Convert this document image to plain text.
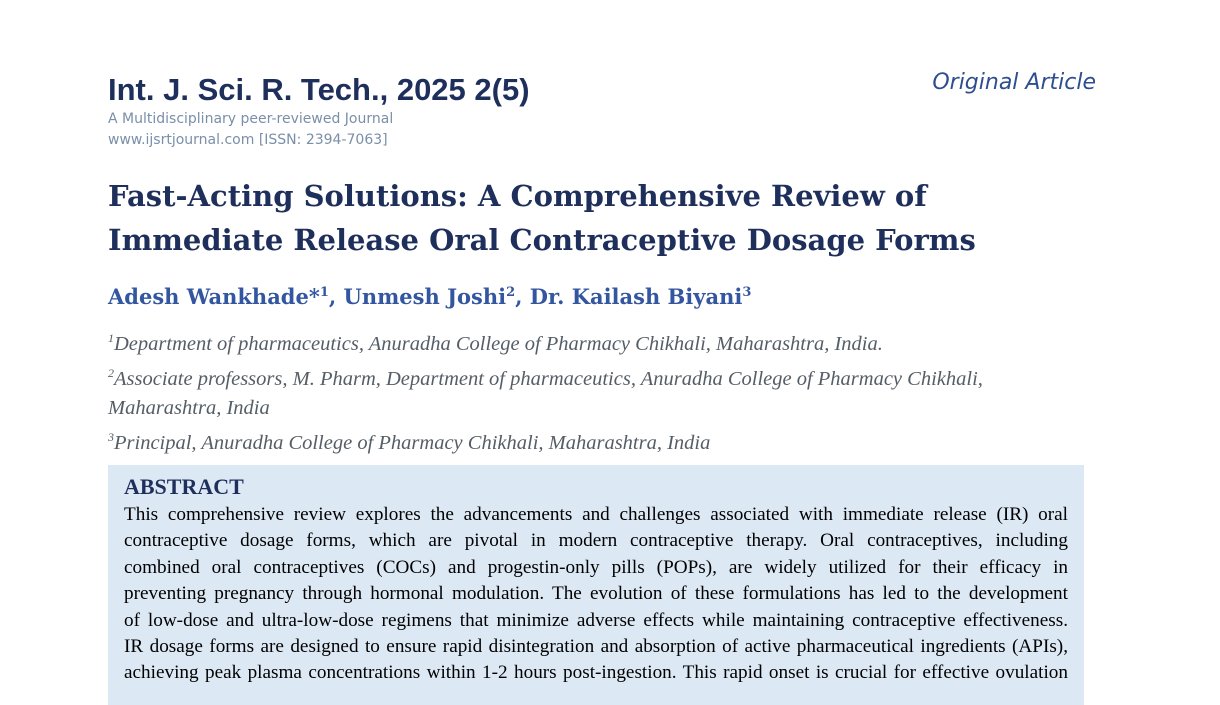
Int. J. Sci. R. Tech., 2025 2(5)	Original Article
A Multidisciplinary peer-reviewed Journal
www.ijsrtjournal.com [ISSN: 2394-7063]
Fast-Acting Solutions: A Comprehensive Review of
Immediate Release Oral Contraceptive Dosage Forms
Adesh Wankhade*$^1$, Unmesh Joshi$^2$, Dr. Kailash Biyani$^3$
$^1$Department of pharmaceutics, Anuradha College of Pharmacy Chikhali, Maharashtra, India.
$^2$Associate professors, M. Pharm, Department of pharmaceutics, Anuradha College of Pharmacy Chikhali,
Maharashtra, India
$^3$Principal, Anuradha College of Pharmacy Chikhali, Maharashtra, India
ABSTRACT
This comprehensive review explores the advancements and challenges associated with immediate release (IR) oral
contraceptive dosage forms, which are pivotal in modern contraceptive therapy. Oral contraceptives, including
combined oral contraceptives (COCs) and progestin-only pills (POPs), are widely utilized for their efficacy in
preventing pregnancy through hormonal modulation. The evolution of these formulations has led to the development
of low-dose and ultra-low-dose regimens that minimize adverse effects while maintaining contraceptive effectiveness.
IR dosage forms are designed to ensure rapid disintegration and absorption of active pharmaceutical ingredients (APIs),
achieving peak plasma concentrations within 1-2 hours post-ingestion. This rapid onset is crucial for effective ovulation
